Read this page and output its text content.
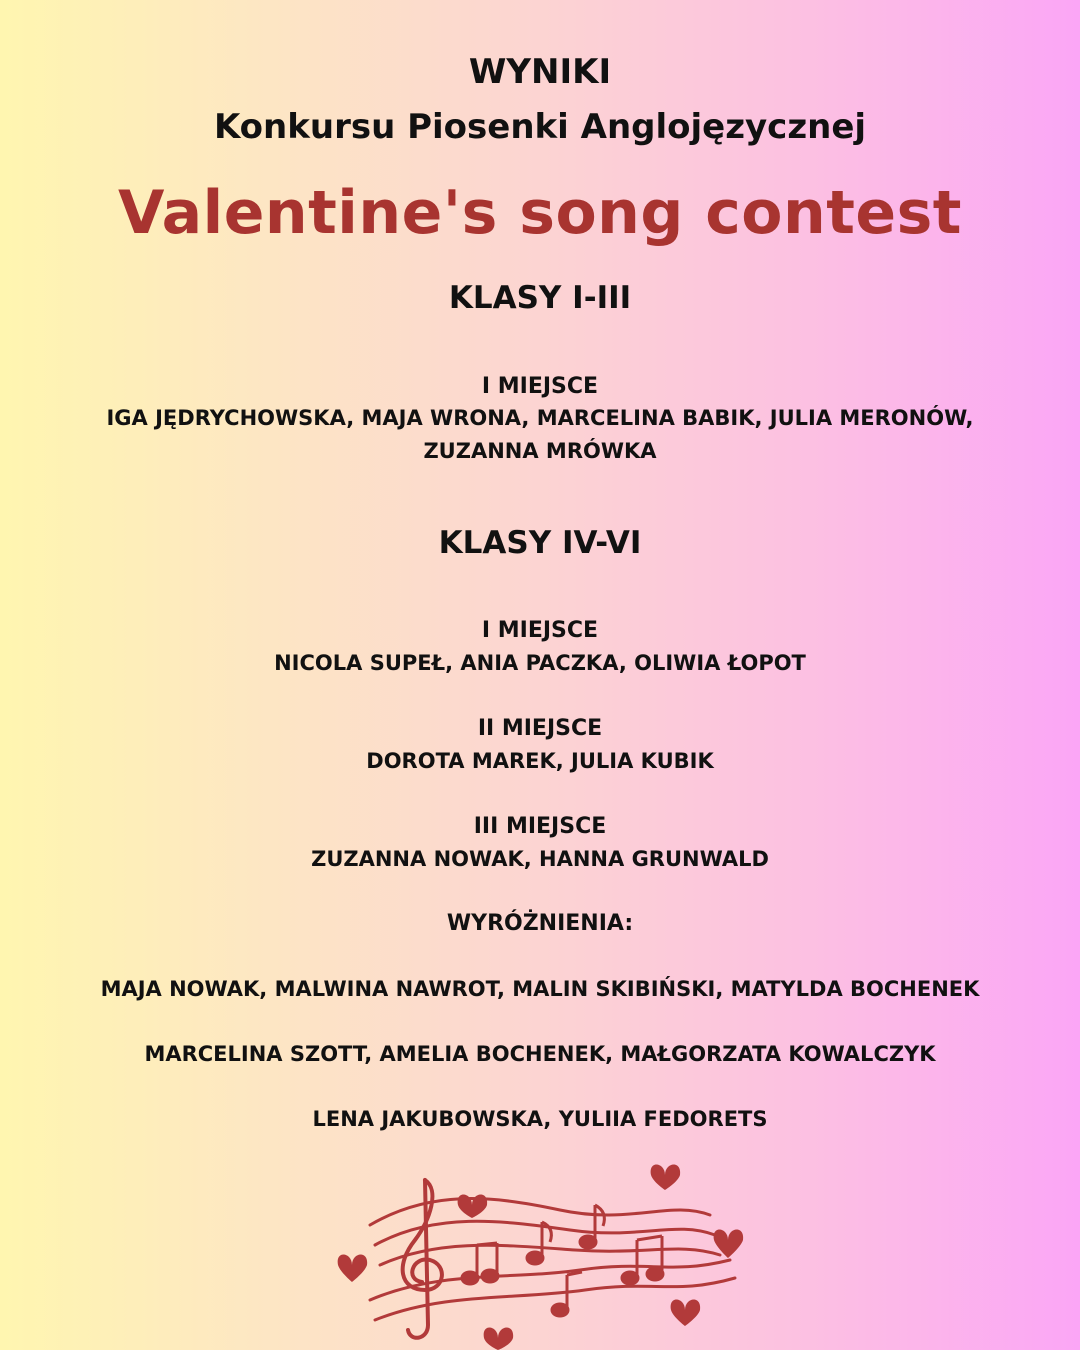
WYNIKI
Konkursu Piosenki Anglojęzycznej
Valentine's song contest
KLASY I-III
I MIEJSCE
IGA JĘDRYCHOWSKA, MAJA WRONA, MARCELINA BABIK, JULIA MERONÓW,
ZUZANNA MRÓWKA
KLASY IV-VI
I MIEJSCE
NICOLA SUPEŁ, ANIA PACZKA, OLIWIA ŁOPOT
II MIEJSCE
DOROTA MAREK, JULIA KUBIK
III MIEJSCE
ZUZANNA NOWAK, HANNA GRUNWALD
WYRÓŻNIENIA:
MAJA NOWAK, MALWINA NAWROT, MALIN SKIBIŃSKI, MATYLDA BOCHENEK
MARCELINA SZOTT, AMELIA BOCHENEK, MAŁGORZATA KOWALCZYK
LENA JAKUBOWSKA, YULIIA FEDORETS
